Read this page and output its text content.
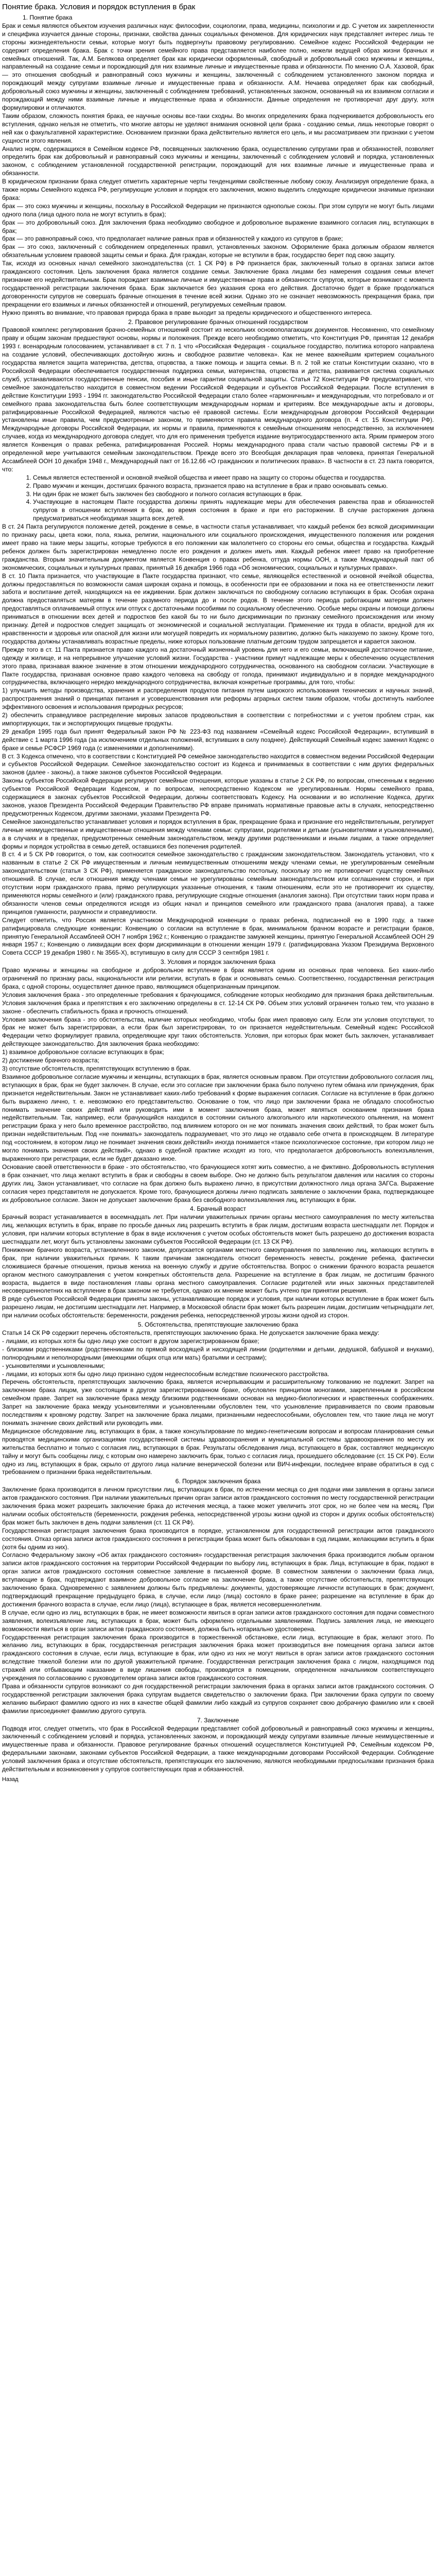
Понятие брака. Условия и порядок вступления в брак
1. Понятие брака

Брак и семья являются объектом изучения различных наук: философии, социологии, права, медицины, психологии и др. С учетом их закрепленности и специфика изучается данные стороны, признаки, свойства данных социальных феноменов. Для юридических наук представляет интерес лишь те стороны жизнедеятельности семьи, которые могут быть подвергнуты правовому регулированию. Семейное кодекс Российской Федерации не содержит определения брака. Брак с точки зрения семейного права представляется наиболее полно, нежели ведущей образ жизни брачных и семейных отношений. Так, А.М. Белякова определяет брак как юридически оформленный, свободный и добровольный союз мужчины и женщины, направленный на создание семьи и порождающий для них взаимные личные и имущественные права и обязанности. По мнению О.А. Хазовой, брак — это отношения свободный и равноправный союз мужчины и женщины, заключенный с соблюдением установленного законом порядка и порождающий между супругами взаимные личные и имущественные права и обязанности. А.М. Нечаева определяет брак как свободный, добровольный союз мужчины и женщины, заключенный с соблюдением требований, установленных законом, основанный на их взаимном согласии и порождающий между ними взаимные личные и имущественные права и обязанности. Данные определения не противоречат друг другу, хотя формулировки и отличаются.

Таким образом, сложность понятия брака, ее научные основы все-таки сходны. Во многих определениях брака подчеркивается добровольность его вступления, однако нельзя не отметить, что многие авторы не уделяют внимания основной цели брака - созданию семьи, лишь некоторые говорят о ней как о факультативной характеристике. Основанием признаки брака действительно является его цель, и мы рассматриваем эти признаки с учетом сущности этого явления.

Анализ норм, содержащихся в Семейном кодексе РФ, посвященных заключению брака, осуществлению супругами прав и обязанностей, позволяет определить брак как добровольный и равноправный союз мужчины и женщины, заключенный с соблюдением условий и порядка, установленных законом, с соблюдением установленной государственной регистрации, порождающий для них взаимные личные и имущественные права и обязанности.

В юридическом признании брака следует отметить характерные черты тенденциями свойственные любому союзу. Анализируя определение брака, а также нормы Семейного кодекса РФ, регулирующие условия и порядок его заключения, можно выделить следующие юридически значимые признаки брака:

брак — это союз мужчины и женщины, поскольку в Российской Федерации не признаются однополые союзы. При этом супруги не могут быть лицами одного пола (лица одного пола не могут вступить в брак);

брак — это добровольный союз. Для заключения брака необходимо свободное и добровольное выражение взаимного согласия лиц, вступающих в брак;

брак — это равноправный союз, что предполагает наличие равных прав и обязанностей у каждого из супругов в браке;

брак — это союз, заключенный с соблюдением определенных правил, установленных законом. Оформление брака должным образом является обязательным условием правовой защиты семьи и брака. Для граждан, которые не вступили в брак, государство берет под свою защиту.

Так, исходя из основных начал семейного законодательства (ст. 1 СК РФ) в РФ признается брак, заключенный только в органах записи актов гражданского состояния. Цель заключения брака является создание семьи. Заключение брака лицами без намерения создания семьи влечет признание его недействительным. Брак порождает взаимные личные и имущественные права и обязанности супругов, которые возникают с момента государственной регистрации заключения брака. Брак заключается без указания срока его действия. Достаточно будет в браке продолжаться договоренности супругов не совершать брачные отношения в течение всей жизни. Однако это не означает невозможность прекращения брака, при прекращении его взаимных и личных обязанностей и отношений, регулируемых семейным правом.

Нужно принять во внимание, что правовая природа брака в праве выходит за пределы юридического и общественного интереса.

2. Правовое регулирование брачных отношений государством

Правовой комплекс регулирования брачно-семейных отношений состоит из нескольких основополагающих документов. Несомненно, что семейному праву и общим законам предшествуют основы, нормы и положения. Прежде всего необходимо отметить, что Конституция РФ, принятая 12 декабря 1993 г. всенародным голосованием, устанавливает в ст. 7 п. 1 что «Российская Федерация - социальное государство, политика которого направлена на создание условий, обеспечивающих достойную жизнь и свободное развитие человека». Как не менее важнейшим критерием социального государства является защита материнства, детства, отцовства, а также помощь и защита семьи. В п. 2 той же статьи Конституции сказано, что в Российской Федерации обеспечивается государственная поддержка семьи, материнства, отцовства и детства, развивается система социальных служб, устанавливаются государственные пенсии, пособия и иные гарантии социальной защиты. Статья 72 Конституции РФ предусматривает, что семейное законодательство находится в совместном ведении Российской Федерации и субъектов Российской Федерации. После вступления в действие Конституции 1993 - 1994 гг. законодательство Российской Федерации стало более «гармоничным» и международным, что потребовало и от семейного права законодательства быть более соответствующим международным нормам и критериям. Все международные акты и договоры, ратифицированные Российской Федерацией, являются частью её правовой системы. Если международным договором Российской Федерации установлены иные правила, чем предусмотренные законом, то применяются правила международного договора (п. 4 ст. 15 Конституции РФ). Международные договоры Российской Федерации, их нормы и правила, применяются к семейным отношениям непосредственно, за исключением случаев, когда из международного договора следует, что для его применения требуется издание внутригосударственного акта. Ярким примером этого является Конвенция о правах ребенка, ратифицированная Россией. Нормы международного права стали частью правовой системы РФ и в определенной мере учитываются семейным законодательством. Прежде всего это Всеобщая декларация прав человека, принятая Генеральной Ассамблеей ООН 10 декабря 1948 г., Международный пакт от 16.12.66 «О гражданских и политических правах». В частности в ст. 23 пакта говорится, что:

1. Семья является естественной и основной ячейкой общества и имеет право на защиту со стороны общества и государства.
2. Право мужчин и женщин, достигших брачного возраста, признается право на вступление в брак и право основывать семью.
3. Ни один брак не может быть заключен без свободного и полного согласия вступающих в брак.
4. Участвующие в настоящем Пакте государства должны принять надлежащие меры для обеспечения равенства прав и обязанностей супругов в отношении вступления в брак, во время состояния в браке и при его расторжении. В случае расторжения должна предусматриваться необходимая защита всех детей.

В ст. 24 Пакта регулируются положение детей, рождение в семье, в частности статья устанавливает, что каждый ребенок без всякой дискриминации по признаку расы, цвета кожи, пола, языка, религии, национального или социального происхождения, имущественного положения или рождения имеет право на такие меры защиты, которые требуются в его положении как малолетнего со стороны его семьи, общества и государства. Каждый ребенок должен быть зарегистрирован немедленно после его рождения и должен иметь имя. Каждый ребенок имеет право на приобретение гражданства. Вторым значительным документом является Конвенция о правах ребенка, оттуда нормы ООН, а также Международный пакт об экономических, социальных и культурных правах, принятый 16 декабря 1966 года «Об экономических, социальных и культурных правах».

В ст. 10 Пакта признается, что участвующие в Пакте государства признают, что семье, являющейся естественной и основной ячейкой общества, должны предоставляться по возможности самая широкая охрана и помощь, в особенности при ее образовании и пока на ее ответственности лежит забота и воспитание детей, находящихся на ее иждивении. Брак должен заключаться по свободному согласию вступающих в брак. Особая охрана должна предоставляться матерям в течение разумного периода до и после родов. В течение этого периода работающим матерям должен предоставляться оплачиваемый отпуск или отпуск с достаточными пособиями по социальному обеспечению. Особые меры охраны и помощи должны приниматься в отношении всех детей и подростков без какой бы то ни было дискриминации по признаку семейного происхождения или иному признаку. Детей и подростков следует защищать от экономической и социальной эксплуатации. Применение их труда в области, вредной для их нравственности и здоровья или опасной для жизни или могущей повредить их нормальному развитию, должно быть наказуемо по закону. Кроме того, государства должны устанавливать возрастные пределы, ниже которых пользование платным детским трудом запрещается и карается законом.

Прежде того в ст. 11 Пакта признается право каждого на достаточный жизненный уровень для него и его семьи, включающий достаточное питание, одежду и жилище, и на непрерывное улучшение условий жизни. Государства - участники примут надлежащие меры к обеспечению осуществления этого права, признавая важное значение в этом отношении международного сотрудничества, основанного на свободном согласии. Участвующие в Пакте государства, признавая основное право каждого человека на свободу от голода, принимают индивидуально и в порядке международного сотрудничества, включающего нередко международного сотрудничества, включая конкретные программы, для того, чтобы:

1) улучшить методы производства, хранения и распределения продуктов питания путем широкого использования технических и научных знаний, распространения знаний о принципах питания и усовершенствования или реформы аграрных систем таким образом, чтобы достигнуть наиболее эффективного освоения и использования природных ресурсов;

2) обеспечить справедливое распределение мировых запасов продовольствия в соответствии с потребностями и с учетом проблем стран, как импортирующих, так и экспортирующих пищевые продукты.

29 декабря 1995 года был принят Федеральный закон РФ № 223-ФЗ под названием «Семейный кодекс Российской Федерации», вступивший в действие с 1 марта 1996 года (за исключением отдельных положений, вступивших в силу позднее). Действующий Семейный кодекс заменил Кодекс о браке и семье РСФСР 1969 года (с изменениями и дополнениями).

В ст. 3 Кодекса отмечено, что в соответствии с Конституцией РФ семейное законодательство находится в совместном ведении Российской Федерации и субъектов Российской Федерации. Семейное законодательство состоит из Кодекса и принимаемых в соответствии с ним других федеральных законов (далее - законы), а также законов субъектов Российской Федерации.

Законы субъектов Российской Федерации регулируют семейные отношения, которые указаны в статье 2 СК РФ, по вопросам, отнесенным к ведению субъектов Российской Федерации Кодексом, и по вопросам, непосредственно Кодексом не урегулированным. Нормы семейного права, содержащиеся в законах субъектов Российской Федерации, должны соответствовать Кодексу. На основании и во исполнение Кодекса, других законов, указов Президента Российской Федерации Правительство РФ вправе принимать нормативные правовые акты в случаях, непосредственно предусмотренных Кодексом, другими законами, указами Президента РФ.

Семейное законодательство устанавливает условия и порядок вступления в брак, прекращение брака и признание его недействительным, регулирует личные неимущественные и имущественные отношения между членами семьи: супругами, родителями и детьми (усыновителями и усыновленными), а в случаях и в пределах, предусмотренных семейным законодательством, между другими родственниками и иными лицами, а также определяет формы и порядок устройства в семью детей, оставшихся без попечения родителей.

В ст. 4 и 5 СК РФ говорится, о том, как соотносится семейное законодательство с гражданским законодательством. Законодатель установил, что к названным в статье 2 СК РФ имущественным и личным неимущественным отношениям между членами семьи, не урегулированным семейным законодательством (статья 3 СК РФ), применяется гражданское законодательство постольку, поскольку это не противоречит существу семейных отношений. В случае, если отношения между членами семьи не урегулированы семейным законодательством или соглашением сторон, и при отсутствии норм гражданского права, прямо регулирующих указанные отношения, к таким отношениям, если это не противоречит их существу, применяются нормы семейного и (или) гражданского права, регулирующие сходные отношения (аналогия закона). При отсутствии таких норм права и обязанности членов семьи определяются исходя из общих начал и принципов семейного или гражданского права (аналогия права), а также принципов гуманности, разумности и справедливости.

Следует отметить, что Россия является участником Международной конвенции о правах ребенка, подписанной ею в 1990 году, а также ратифицировала следующие конвенции: Конвенцию о согласии на вступление в брак, минимальном брачном возрасте и регистрации браков, принятую Генеральной Ассамблеей ООН 7 ноября 1962 г.; Конвенцию о гражданстве замужней женщины, принятую Генеральной Ассамблеей ООН 29 января 1957 г.; Конвенцию о ликвидации всех форм дискриминации в отношении женщин 1979 г. (ратифицирована Указом Президиума Верховного Совета СССР 19 декабря 1980 г. № 3565-X), вступившую в силу для СССР 3 сентября 1981 г.

3. Условия и порядок заключения брака

Право мужчины и женщины на свободное и добровольное вступление в брак является одним из основных прав человека. Без каких-либо ограничений по признаку расы, национальности или религии, вступать в брак и основывать семью. Соответственно, государственная регистрация брака, с одной стороны, осуществляет данное право, являющимся общепризнанным принципом.

Условия заключения брака - это определенные требования к брачующимся, соблюдение которых необходимо для признания брака действительным. Условия заключения брака и препятствия к его заключению определены в ст. 12-14 СК РФ. Объем этих условий ограничен только тем, что указано в законе - обеспечить стабильность брака и прочность отношений.

Условия заключения брака - это обстоятельства, наличие которых необходимо, чтобы брак имел правовую силу. Если эти условия отсутствуют, то брак не может быть зарегистрирован, а если брак был зарегистрирован, то он признается недействительным. Семейный кодекс Российской Федерации четко формулирует правила, определяющие круг таких обстоятельств. Условия, при которых брак может быть заключен, устанавливает действующее законодательство. Для заключения брака необходимо:

1) взаимное добровольное согласие вступающих в брак;

2) достижение брачного возраста;

3) отсутствие обстоятельств, препятствующих вступлению в брак.

Взаимное добровольное согласие мужчины и женщины, вступающих в брак, является основным правом. При отсутствии добровольного согласия лиц, вступающих в брак, брак не будет заключен. В случае, если это согласие при заключении брака было получено путем обмана или принуждения, брак признается недействительным. Закон не устанавливает каких-либо требований к форме выражения согласия. Согласие на вступление в брак должно быть выражено лично, т. е. невозможно его представительство. Основание о том, что лицо при заключении брака не обладало способностью понимать значение своих действий или руководить ими в момент заключения брака, может являться основанием признания брака недействительным. Так, например, если брачующийся находился в состоянии сильного алкогольного или наркотического опьянения, на момент регистрации брака у него было временное расстройство, под влиянием которого он не мог понимать значения своих действий, то брак может быть признан недействительным. Под «не понимать» законодатель подразумевает, что это лицо не отдавало себе отчета в происходящем. В литературе под «состоянием, в котором лицо не понимает значения своих действий» иногда понимается «такое психологическое состояние, при котором лицо не могло понимать значения своих действий», однако в судебной практике исходят из того, что предполагается добровольность волеизъявления, выраженного при регистрации, если не будет доказано иное.

Основание своей ответственности в браке - это обстоятельство, что брачующиеся хотят жить совместно, а не фиктивно. Добровольность вступления в брак означает, что лица желают вступить в брак и свободны в своем выборе. Оно не должно быть результатом давления или насилия со стороны других лиц. Закон устанавливает, что согласие на брак должно быть выражено лично, в присутствии должностного лица органа ЗАГСа. Выражение согласия через представителя не допускается. Кроме того, брачующиеся должны лично подписать заявление о заключении брака, подтверждающее их добровольное согласие. Закон не допускает заключение брака без свободного волеизъявления лиц, вступающих в брак.

4. Брачный возраст

Брачный возраст устанавливается в восемнадцать лет. При наличии уважительных причин органы местного самоуправления по месту жительства лиц, желающих вступить в брак, вправе по просьбе данных лиц разрешить вступить в брак лицам, достигшим возраста шестнадцати лет. Порядок и условия, при наличии которых вступление в брак в виде исключения с учетом особых обстоятельств может быть разрешено до достижения возраста шестнадцати лет, могут быть установлены законами субъектов Российской Федерации (ст. 13 СК РФ).

Понижение брачного возраста, установленного законом, допускается органами местного самоуправления по заявлению лиц, желающих вступить в брак, при наличии уважительных причин. К таким причинам законодатель относит беременность невесты, рождение ребенка, фактически сложившиеся брачные отношения, призыв жениха на военную службу и другие обстоятельства. Вопрос о снижении брачного возраста решается органом местного самоуправления с учетом конкретных обстоятельств дела. Разрешение на вступление в брак лицам, не достигшим брачного возраста, выдается в виде постановления главы органа местного самоуправления. Согласие родителей или иных законных представителей несовершеннолетних на вступление в брак законом не требуется, однако их мнение может быть учтено при принятии решения.

В ряде субъектов Российской Федерации приняты законы, устанавливающие порядок и условия, при наличии которых вступление в брак может быть разрешено лицам, не достигшим шестнадцати лет. Например, в Московской области брак может быть разрешен лицам, достигшим четырнадцати лет, при наличии особых обстоятельств: беременности, рождения ребенка, непосредственной угрозы жизни одной из сторон.

5. Обстоятельства, препятствующие заключению брака

Статья 14 СК РФ содержит перечень обстоятельств, препятствующих заключению брака. Не допускается заключение брака между:

- лицами, из которых хотя бы одно лицо уже состоит в другом зарегистрированном браке;

- близкими родственниками (родственниками по прямой восходящей и нисходящей линии (родителями и детьми, дедушкой, бабушкой и внуками), полнородными и неполнородными (имеющими общих отца или мать) братьями и сестрами);

- усыновителями и усыновленными;

- лицами, из которых хотя бы одно лицо признано судом недееспособным вследствие психического расстройства.

Перечень обстоятельств, препятствующих заключению брака, является исчерпывающим и расширительному толкованию не подлежит. Запрет на заключение брака лицом, уже состоящим в другом зарегистрированном браке, обусловлен принципом моногамии, закрепленным в российском семейном праве. Запрет на заключение брака между близкими родственниками основан на медико-биологических и нравственных соображениях. Запрет на заключение брака между усыновителями и усыновленными обусловлен тем, что усыновление приравнивается по своим правовым последствиям к кровному родству. Запрет на заключение брака лицами, признанными недееспособными, обусловлен тем, что такие лица не могут понимать значение своих действий или руководить ими.

Медицинское обследование лиц, вступающих в брак, а также консультирование по медико-генетическим вопросам и вопросам планирования семьи проводятся медицинскими организациями государственной системы здравоохранения и муниципальной системы здравоохранения по месту их жительства бесплатно и только с согласия лиц, вступающих в брак. Результаты обследования лица, вступающего в брак, составляют медицинскую тайну и могут быть сообщены лицу, с которым оно намерено заключить брак, только с согласия лица, прошедшего обследование (ст. 15 СК РФ). Если одно из лиц, вступающих в брак, скрыло от другого лица наличие венерической болезни или ВИЧ-инфекции, последнее вправе обратиться в суд с требованием о признании брака недействительным.

6. Порядок заключения брака

Заключение брака производится в личном присутствии лиц, вступающих в брак, по истечении месяца со дня подачи ими заявления в органы записи актов гражданского состояния. При наличии уважительных причин орган записи актов гражданского состояния по месту государственной регистрации заключения брака может разрешить заключение брака до истечения месяца, а также может увеличить этот срок, но не более чем на месяц. При наличии особых обстоятельств (беременности, рождения ребенка, непосредственной угрозы жизни одной из сторон и других особых обстоятельств) брак может быть заключен в день подачи заявления (ст. 11 СК РФ).

Государственная регистрация заключения брака производится в порядке, установленном для государственной регистрации актов гражданского состояния. Отказ органа записи актов гражданского состояния в регистрации брака может быть обжалован в суд лицами, желающими вступить в брак (хотя бы одним из них).

Согласно Федеральному закону «Об актах гражданского состояния» государственная регистрация заключения брака производится любым органом записи актов гражданского состояния на территории Российской Федерации по выбору лиц, вступающих в брак. Лица, вступающие в брак, подают в орган записи актов гражданского состояния совместное заявление в письменной форме. В совместном заявлении о заключении брака лица, вступающие в брак, подтверждают взаимное добровольное согласие на заключение брака, а также отсутствие обстоятельств, препятствующих заключению брака. Одновременно с заявлением должны быть предъявлены: документы, удостоверяющие личности вступающих в брак; документ, подтверждающий прекращение предыдущего брака, в случае, если лицо (лица) состояло в браке ранее; разрешение на вступление в брак до достижения брачного возраста в случае, если лицо (лица), вступающее в брак, является несовершеннолетним.

В случае, если одно из лиц, вступающих в брак, не имеет возможности явиться в орган записи актов гражданского состояния для подачи совместного заявления, волеизъявление лиц, вступающих в брак, может быть оформлено отдельными заявлениями. Подпись заявления лица, не имеющего возможности явиться в орган записи актов гражданского состояния, должна быть нотариально удостоверена.

Государственная регистрация заключения брака производится в торжественной обстановке, если лица, вступающие в брак, желают этого. По желанию лиц, вступающих в брак, государственная регистрация заключения брака может производиться вне помещения органа записи актов гражданского состояния в случае, если лица, вступающие в брак, или одно из них не могут явиться в орган записи актов гражданского состояния вследствие тяжелой болезни или по другой уважительной причине. Государственная регистрация заключения брака с лицом, находящимся под стражей или отбывающим наказание в виде лишения свободы, производится в помещении, определенном начальником соответствующего учреждения по согласованию с руководителем органа записи актов гражданского состояния.

Права и обязанности супругов возникают со дня государственной регистрации заключения брака в органах записи актов гражданского состояния. О государственной регистрации заключения брака супругам выдается свидетельство о заключении брака. При заключении брака супруги по своему желанию выбирают фамилию одного из них в качестве общей фамилии либо каждый из супругов сохраняет свою добрачную фамилию или к своей фамилии присоединяет фамилию другого супруга.

7. Заключение

Подводя итог, следует отметить, что брак в Российской Федерации представляет собой добровольный и равноправный союз мужчины и женщины, заключенный с соблюдением условий и порядка, установленных законом, и порождающий между супругами взаимные личные неимущественные и имущественные права и обязанности. Правовое регулирование брачных отношений осуществляется Конституцией РФ, Семейным кодексом РФ, федеральными законами, законами субъектов Российской Федерации, а также международными договорами Российской Федерации. Соблюдение условий заключения брака и отсутствие обстоятельств, препятствующих его заключению, являются необходимыми предпосылками признания брака действительным и возникновения у супругов соответствующих прав и обязанностей.

Назад
